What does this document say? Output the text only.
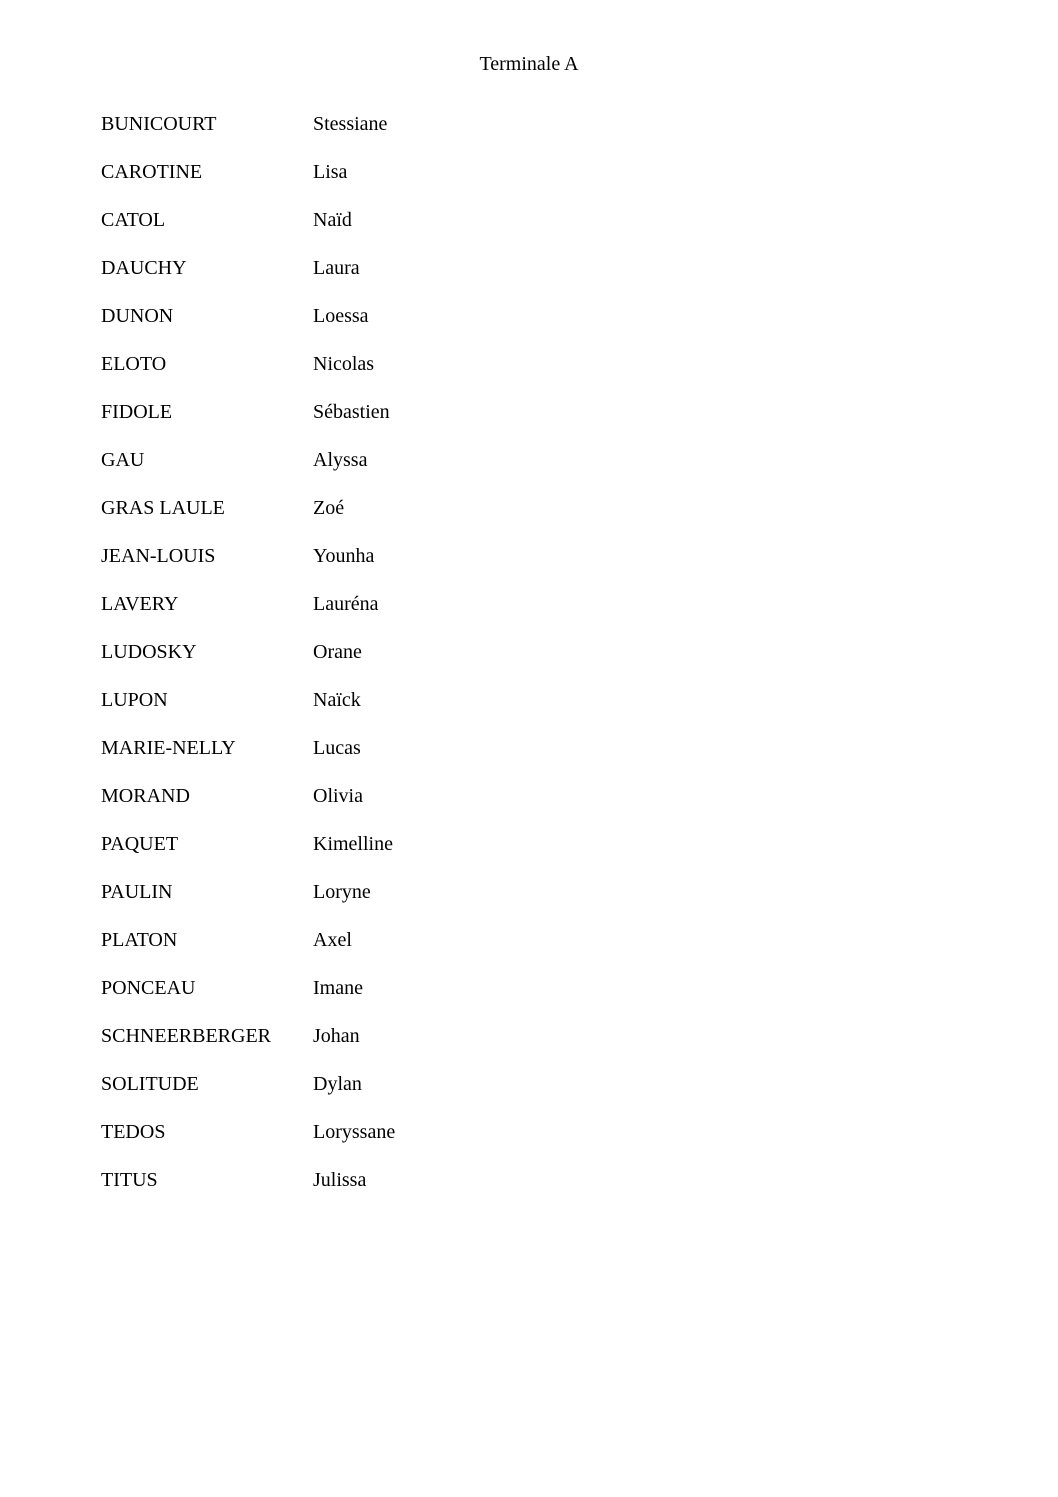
Terminale A
BUNICOURT	Stessiane
CAROTINE	Lisa
CATOL	Naïd
DAUCHY	Laura
DUNON	Loessa
ELOTO	Nicolas
FIDOLE	Sébastien
GAU	Alyssa
GRAS LAULE	Zoé
JEAN-LOUIS	Younha
LAVERY	Lauréna
LUDOSKY	Orane
LUPON	Naïck
MARIE-NELLY	Lucas
MORAND	Olivia
PAQUET	Kimelline
PAULIN	Loryne
PLATON	Axel
PONCEAU	Imane
SCHNEERBERGER	Johan
SOLITUDE	Dylan
TEDOS	Loryssane
TITUS	Julissa
